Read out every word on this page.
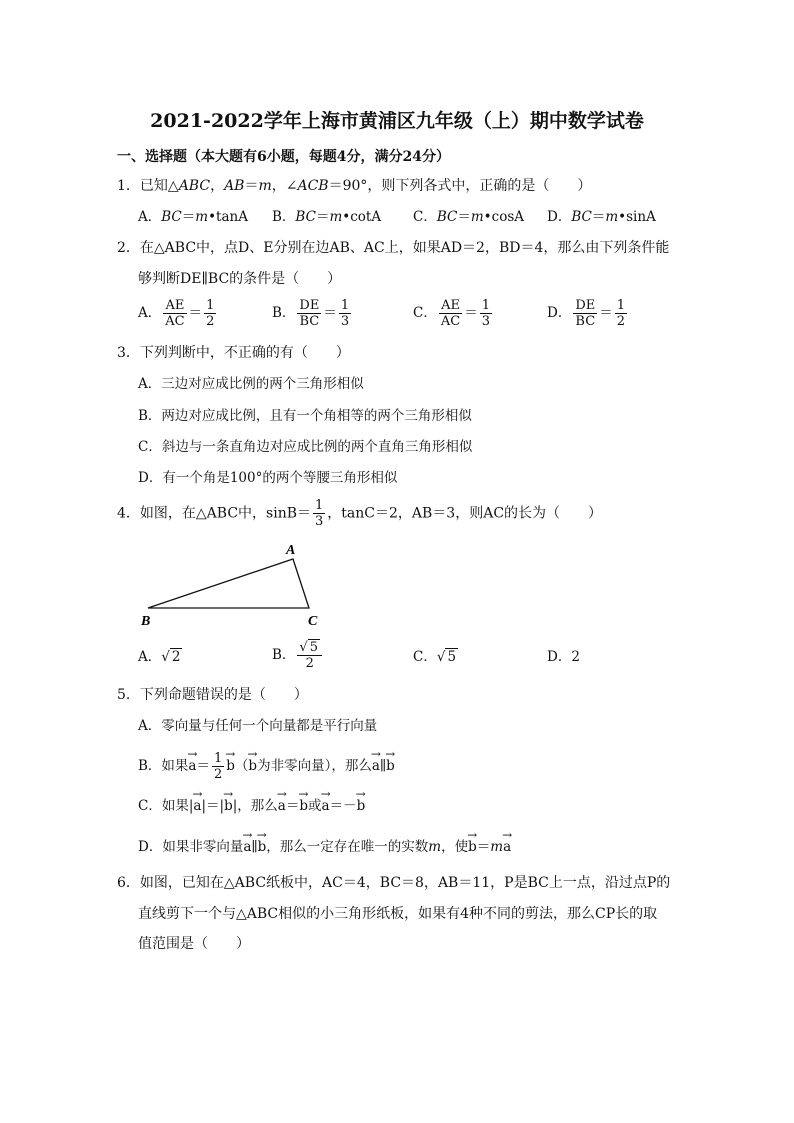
2021-2022学年上海市黄浦区九年级（上）期中数学试卷
一、选择题（本大题有6小题，每题4分，满分24分）
1．已知△ABC，AB＝m，∠ACB＝90°，则下列各式中，正确的是（　　）
A．BC＝m•tanA B．BC＝m•cotA C．BC＝m•cosA D．BC＝m•sinA
2．在△ABC中，点D、E分别在边AB、AC上，如果AD＝2，BD＝4，那么由下列条件能
够判断DE∥BC的条件是（　　）
A． $\frac{AE}{AC} = \frac{1}{2}$	B． $\frac{DE}{BC} = \frac{1}{3}$	C． $\frac{AE}{AC} = \frac{1}{3}$	D． $\frac{DE}{BC} = \frac{1}{2}$
3．下列判断中，不正确的有（　　）
A．三边对应成比例的两个三角形相似
B．两边对应成比例，且有一个角相等的两个三角形相似
C．斜边与一条直角边对应成比例的两个直角三角形相似
D．有一个角是100°的两个等腰三角形相似
4．如图，在△ABC中，$\sin B= \frac{1}{3}$ ，tanC＝2，AB＝3，则AC的长为（　　）
A
B	C
A．√ 2	B． $\frac{√ 5}{2}$	C．√ 5	D．2
5．下列命题错误的是（　　）
A．零向量与任何一个向量都是平行向量
B．如果→ $a= \frac{1}{2}$
→ b（→ b为非零向量），那么→ a∥→ b
C．如果|→ a|＝|→ b|，那么→ a＝→ b或→ a＝－→ b
D．如果非零向量→ a∥→ b，那么一定存在唯一的实数m，使→ b＝m→ a
6．如图，已知在△ABC纸板中，AC＝4，BC＝8，AB＝11，P是BC上一点，沿过点P的
直线剪下一个与△ABC相似的小三角形纸板，如果有4种不同的剪法，那么CP长的取
值范围是（　　）
